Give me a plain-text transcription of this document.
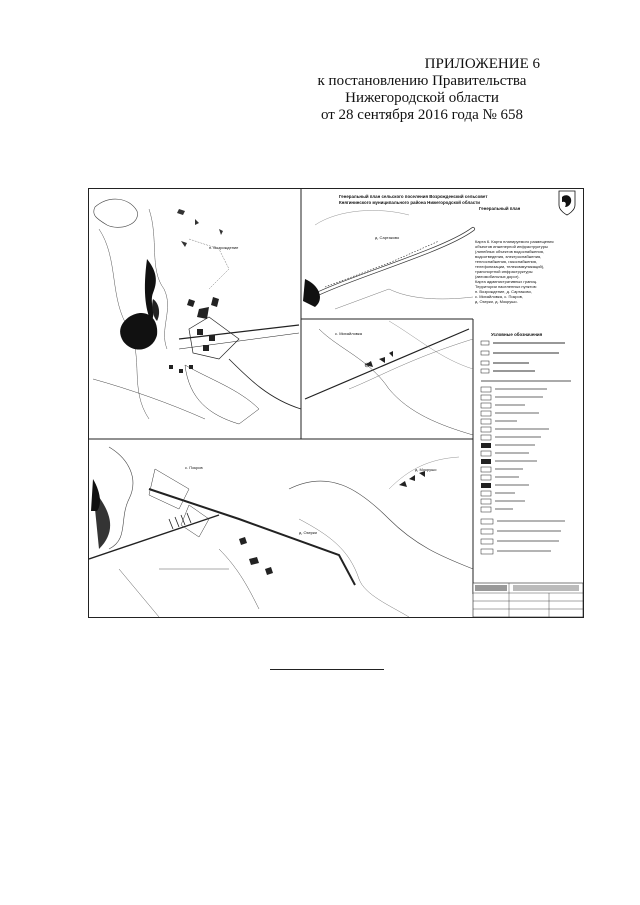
ПРИЛОЖЕНИЕ 6
к постановлению Правительства
Нижегородской области
от 28 сентября 2016 года № 658
п. Возрождение
д. Сартаково
Генеральный план сельского поселения Возрожденский сельсовет
Княгининского муниципального района Нижегородской области
Генеральный план
Карта 6. Карта планируемого размещения
объектов инженерной инфраструктуры
(линейных объектов водоснабжения,
водоотведения, электроснабжения,
теплоснабжения, газоснабжения,
телефонизации, телекоммуникаций),
транспортной инфраструктуры
(автомобильных дорог).
Карта административных границ.
Территории населенных пунктов:
п. Возрождение, д. Сартаково,
с. Михайловка, с. Покров,
д. Озерки, д. Мокрушо.
с. Михайловка	Условные обозначения
с. Покров	д. Мокрушо
д. Озерки
